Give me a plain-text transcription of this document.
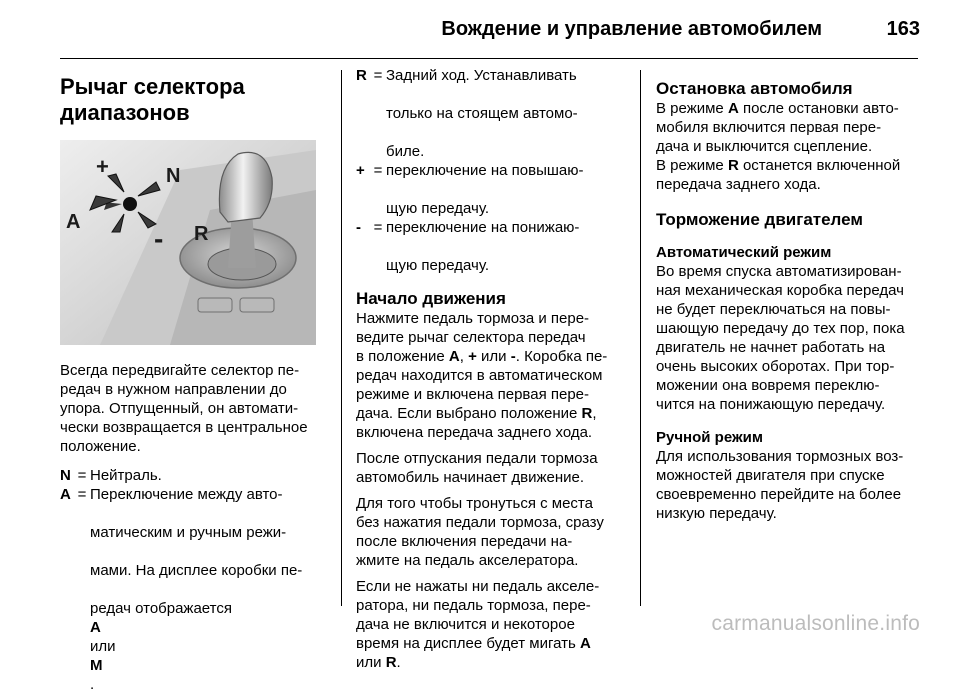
Вождение и управление автомобилем	163
Рычаг селектора
диапазонов
+	N
A
- R

Всегда передвигайте селектор пе-
редач в нужном направлении до
упора. Отпущенный, он автомати-
чески возвращается в центральное
положение.

N = Нейтраль.
A = Переключение между авто-

матическим и ручным режи-

мами. На дисплее коробки пе-

редач отображается
A

или
M
.
R = Задний ход. Устанавливать

только на стоящем автомо-

биле.
+ = переключение на повышаю-

щую передачу.
- = переключение на понижаю-

щую передачу.
Начало движения

Нажмите педаль тормоза и пере-
ведите рычаг селектора передач
в положение A, + или -. Коробка пе-
редач находится в автоматическом
режиме и включена первая пере-
дача. Если выбрано положение R,
включена передача заднего хода.

После отпускания педали тормоза
автомобиль начинает движение.

Для того чтобы тронуться с места
без нажатия педали тормоза, сразу
после включения передачи на-
жмите на педаль акселератора.

Если не нажаты ни педаль акселе-
ратора, ни педаль тормоза, пере-
дача не включится и некоторое
время на дисплее будет мигать A
или R.

Остановка автомобиля

В режиме A после остановки авто-
мобиля включится первая пере-
дача и выключится сцепление.
В режиме R останется включенной
передача заднего хода.

Торможение двигателем
Автоматический режим

Во время спуска автоматизирован-
ная механическая коробка передач
не будет переключаться на повы-
шающую передачу до тех пор, пока
двигатель не начнет работать на
очень высоких оборотах. При тор-
можении она вовремя переклю-
чится на понижающую передачу.

Ручной режим

Для использования тормозных воз-
можностей двигателя при спуске
своевременно перейдите на более
низкую передачу.

carmanualsonline.info
